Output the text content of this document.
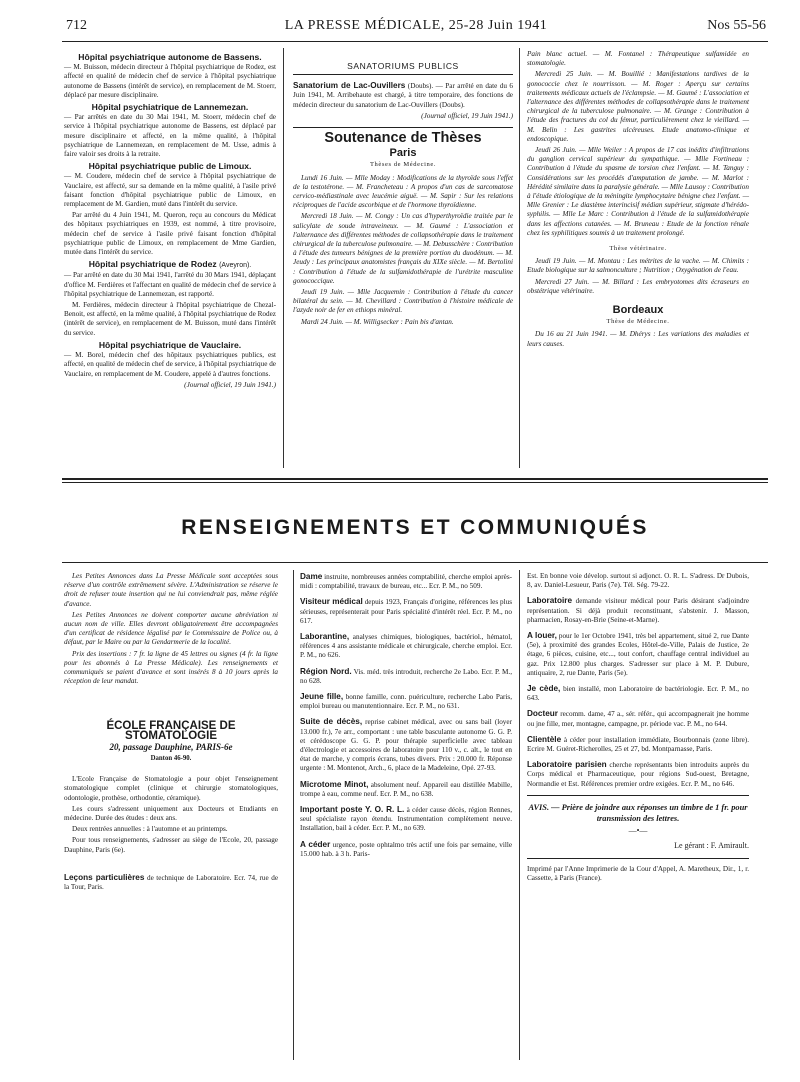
712	LA PRESSE MÉDICALE, 25-28 Juin 1941	Nos 55-56

Hôpital psychiatrique autonome de Bassens.
— M. Buisson, médecin directeur à l'hôpital psychiatrique de Rodez, est affecté en qualité de médecin chef de service à l'hôpital psychiatrique autonome de Bassens (intérêt de service), en remplacement de M. Stoerr, déplacé par mesure disciplinaire.

Hôpital psychiatrique de Lannemezan.
— Par arrêtés en date du 30 Mai 1941, M. Stoerr, médecin chef de service à l'hôpital psychiatrique autonome de Bassens, est déplacé par mesure disciplinaire et affecté, en la même qualité, à l'hôpital psychiatrique de Lannemezan, en remplacement de M. Usse, admis à faire valoir ses droits à la retraite.

Hôpital psychiatrique public de Limoux.
— M. Coudere, médecin chef de service à l'hôpital psychiatrique de Vauclaire, est affecté, sur sa demande en la même qualité, à l'asile privé faisant fonction d'hôpital psychiatrique public de Limoux, en remplacement de M. Gardien, muté dans l'intérêt du service.

Par arrêté du 4 Juin 1941, M. Queron, reçu au concours du Médicat des hôpitaux psychiatriques en 1939, est nommé, à titre provisoire, médecin chef de service à l'asile privé faisant fonction d'hôpital psychiatrique public de Limoux, en remplacement de Mme Gardien, mutée dans l'intérêt du service.

Hôpital psychiatrique de Rodez (Aveyron).
— Par arrêté en date du 30 Mai 1941, l'arrêté du 30 Mars 1941, déplaçant d'office M. Ferdières et l'affectant en qualité de médecin chef de service à l'hôpital psychiatrique de Lannemezan, est rapporté.

M. Ferdières, médecin directeur à l'hôpital psychiatrique de Chezal-Benoit, est affecté, en la même qualité, à l'hôpital psychiatrique de Rodez (intérêt de service), en remplacement de M. Buisson, muté dans l'intérêt du service.

Hôpital psychiatrique de Vauclaire.
— M. Borel, médecin chef des hôpitaux psychiatriques publics, est affecté, en qualité de médecin chef de service, à l'hôpital psychiatrique de Vauclaire, en remplacement de M. Coudere, appelé à d'autres fonctions.

(Journal officiel, 19 Juin 1941.)

SANATORIUMS PUBLICS

Sanatorium de Lac-Ouvillers (Doubs). — Par arrêté en date du 6 Juin 1941, M. Arribehaute est chargé, à titre temporaire, des fonctions de médecin directeur du sanatorium de Lac-Ouvillers (Doubs).

(Journal officiel, 19 Juin 1941.)

Soutenance de Thèses
Paris
Thèses de Médecine.

Lundi 16 Juin. — Mlle Moday : Modifications de la thyroïde sous l'effet de la testotérone. — M. Francheteau : A propos d'un cas de sarcomatose cervico-médiastinale avec leucémie aiguë. — M. Sapir : Sur les relations réciproques de l'acide ascorbique et de l'hormone thyroïdienne.

Mercredi 18 Juin. — M. Congy : Un cas d'hyperthyroïdie traitée par le salicylate de soude intraveineux. — M. Gaumé : L'association et l'alternance des différentes méthodes de collapsothérapie dans le traitement chirurgical de la tuberculose pulmonaire. — M. Debusschère : Contribution à l'étude des tumeurs bénignes de la première portion du duodénum. — M. Jeudy : Les principaux anatomistes français du XIXe siècle. — M. Bertolini : Contribution à l'étude de la sulfamidothérapie de l'urétrite masculine gonococcique.

Jeudi 19 Juin. — Mlle Jacquemin : Contribution à l'étude du cancer bilatéral du sein. — M. Chevillard : Contribution à l'histoire médicale de l'azyde noir de fer en ethiops minéral.

Mardi 24 Juin. — M. Willigsecker : Pain bis d'antan.

Pain blanc actuel. — M. Fontanel : Thérapeutique sulfamidée en stomatologie.

Mercredi 25 Juin. — M. Bouillié : Manifestations tardives de la gonococcie chez le nourrisson. — M. Roger : Aperçu sur certains traitements médicaux actuels de l'éclampsie. — M. Gaumé : L'association et l'alternance des différentes méthodes de collapsothérapie dans le traitement chirurgical de la tuberculose pulmonaire. — M. Grange : Contribution à l'étude des fractures du col du fémur, particulièrement chez le vieillard. — M. Belin : Les gastrites ulcéreuses. Etude anatomo-clinique et endoscopique.

Jeudi 26 Juin. — Mlle Weiler : A propos de 17 cas inédits d'infiltrations du ganglion cervical supérieur du sympathique. — Mlle Fortineau : Contribution à l'étude du spasme de torsion chez l'enfant. — M. Tanguy : Considérations sur les procédés d'amputation de jambe. — M. Marlot : Hérédité similaire dans la paralysie générale. — Mlle Lausoy : Contribution à l'étude étiologique de la méningite lymphocytaire bénigne chez l'enfant. — Mlle Grenier : Le diastème interincisif médian supérieur, stigmate d'hérédo-syphilis. — Mlle Le Marc : Contribution à l'étude de la sulfamidothérapie dans les affections cutanées. — M. Bruneau : Etude de la fonction rénale chez les syphilitiques soumis à un traitement prolongé.

Thèse vétérinaire.

Jeudi 19 Juin. — M. Montau : Les métrites de la vache. — M. Chimits : Etude biologique sur la salmonculture ; Nutrition ; Oxygénation de l'eau.

Mercredi 27 Juin. — M. Billard : Les embryotomes dits écraseurs en obstétrique vétérinaire.

Bordeaux
Thèse de Médecine.

Du 16 au 21 Juin 1941. — M. Dhérys : Les variations des maladies et leurs causes.

RENSEIGNEMENTS ET COMMUNIQUÉS

Les Petites Annonces dans La Presse Médicale sont acceptées sous réserve d'un contrôle extrêmement sévère. L'Administration se réserve le droit de refuser toute insertion qui ne lui conviendrait pas, même réglée d'avance.

Les Petites Annonces ne doivent comporter aucune abréviation ni aucun nom de ville. Elles devront obligatoirement être accompagnées d'un certificat de résidence légalisé par le Commissaire de Police ou, à défaut, par le Maire ou par la Gendarmerie de la localité.

Prix des insertions : 7 fr. la ligne de 45 lettres ou signes (4 fr. la ligne pour les abonnés à La Presse Médicale). Les renseignements et communiqués se paient d'avance et sont insérés 8 à 10 jours après la réception de leur mandat.

ÉCOLE FRANÇAISE DE STOMATOLOGIE
20, passage Dauphine, PARIS-6e
Danton 46-90.

L'Ecole Française de Stomatologie a pour objet l'enseignement stomatologique complet (clinique et chirurgie stomatologiques, odontologie, prothèse, orthodontie, céramique).

Les cours s'adressent uniquement aux Docteurs et Etudiants en médecine. Durée des études : deux ans.

Deux rentrées annuelles : à l'automne et au printemps.

Pour tous renseignements, s'adresser au siège de l'Ecole, 20, passage Dauphine, Paris (6e).

Leçons particulières de technique de Laboratoire. Ecr. 74, rue de la Tour, Paris.

Dame instruite, nombreuses années comptabilité, cherche emploi après-midi : comptabilité, travaux de bureau, etc... Ecr. P. M., no 509.

Visiteur médical depuis 1923, Français d'origine, références les plus sérieuses, représenterait pour Paris spécialité d'intérêt réel. Ecr. P. M., no 617.

Laborantine, analyses chimiques, biologiques, bactériol., hématol, références 4 ans assistante médicale et chirurgicale, cherche emploi. Ecr. P. M., no 626.

Région Nord. Vis. méd. très introduit, recherche 2e Labo. Ecr. P. M., no 628.

Jeune fille, bonne famille, conn. puériculture, recherche Labo Paris, emploi bureau ou manutentionnaire. Ecr. P. M., no 631.

Suite de décès, reprise cabinet médical, avec ou sans bail (loyer 13.000 fr.), 7e arr., comportant : une table basculante autonome G. G. P. et cérédoscope G. G. P. pour thérapie superficielle avec tableau d'électrologie et accessoires de laboratoire pour 110 v., c. alt., le tout en état de marche, y compris écrans, tubes divers. Prix : 20.000 fr. Réponse urgente : M. Montenot, Arch., 6, place de la Madeleine, Opé. 27-93.

Microtome Minot, absolument neuf. Appareil eau distillée Mabille, trompe à eau, comme neuf. Ecr. P. M., no 638.

Important poste Y. O. R. L. à céder cause décès, région Rennes, seul spécialiste rayon étendu. Instrumentation complètement neuve. Installation, bail à céder. Ecr. P. M., no 639.

A céder urgence, poste ophtalmo très actif une fois par semaine, ville 15.000 hab. à 3 h. Paris-

Est. En bonne voie dévelop. surtout si adjonct. O. R. L. S'adress. Dr Dubois, 8, av. Daniel-Lesueur, Paris (7e). Tél. Ség. 79-22.

Laboratoire demande visiteur médical pour Paris désirant s'adjoindre représentation. Si déjà produit reconstituant, s'abstenir. J. Masson, pharmacien, Rosay-en-Brie (Seine-et-Marne).

A louer, pour le 1er Octobre 1941, très bel appartement, situé 2, rue Dante (5e), à proximité des grandes Ecoles, Hôtel-de-Ville, Palais de Justice, 2e étage, 6 pièces, cuisine, etc..., tout confort, chauffage central individuel au gaz. Prix 12.800 plus charges. S'adresser sur place à M. P. Dubure, antiquaire, 2, rue Dante, Paris (5e).

Je cède, bien installé, mon Laboratoire de bactériologie. Ecr. P. M., no 643.

Docteur recomm. dame, 47 a., sér. référ., qui accompagnerait jne homme ou jne fille, mer, montagne, campagne, pr. période vac. P. M., no 644.

Clientèle à céder pour installation immédiate, Bourbonnais (zone libre). Ecrire M. Guéret-Richerolles, 25 et 27, bd. Montparnasse, Paris.

Laboratoire parisien cherche représentants bien introduits auprès du Corps médical et Pharmaceutique, pour régions Sud-ouest, Bretagne, Normandie et Est. Références premier ordre exigées. Ecr. P. M., no 646.

AVIS. — Prière de joindre aux réponses un timbre de 1 fr. pour transmission des lettres.
—•—
Le gérant : F. Amirault.
Imprimé par l'Anne Imprimerie de la Cour d'Appel, A. Maretheux, Dir., 1, r. Cassette, à Paris (France).
